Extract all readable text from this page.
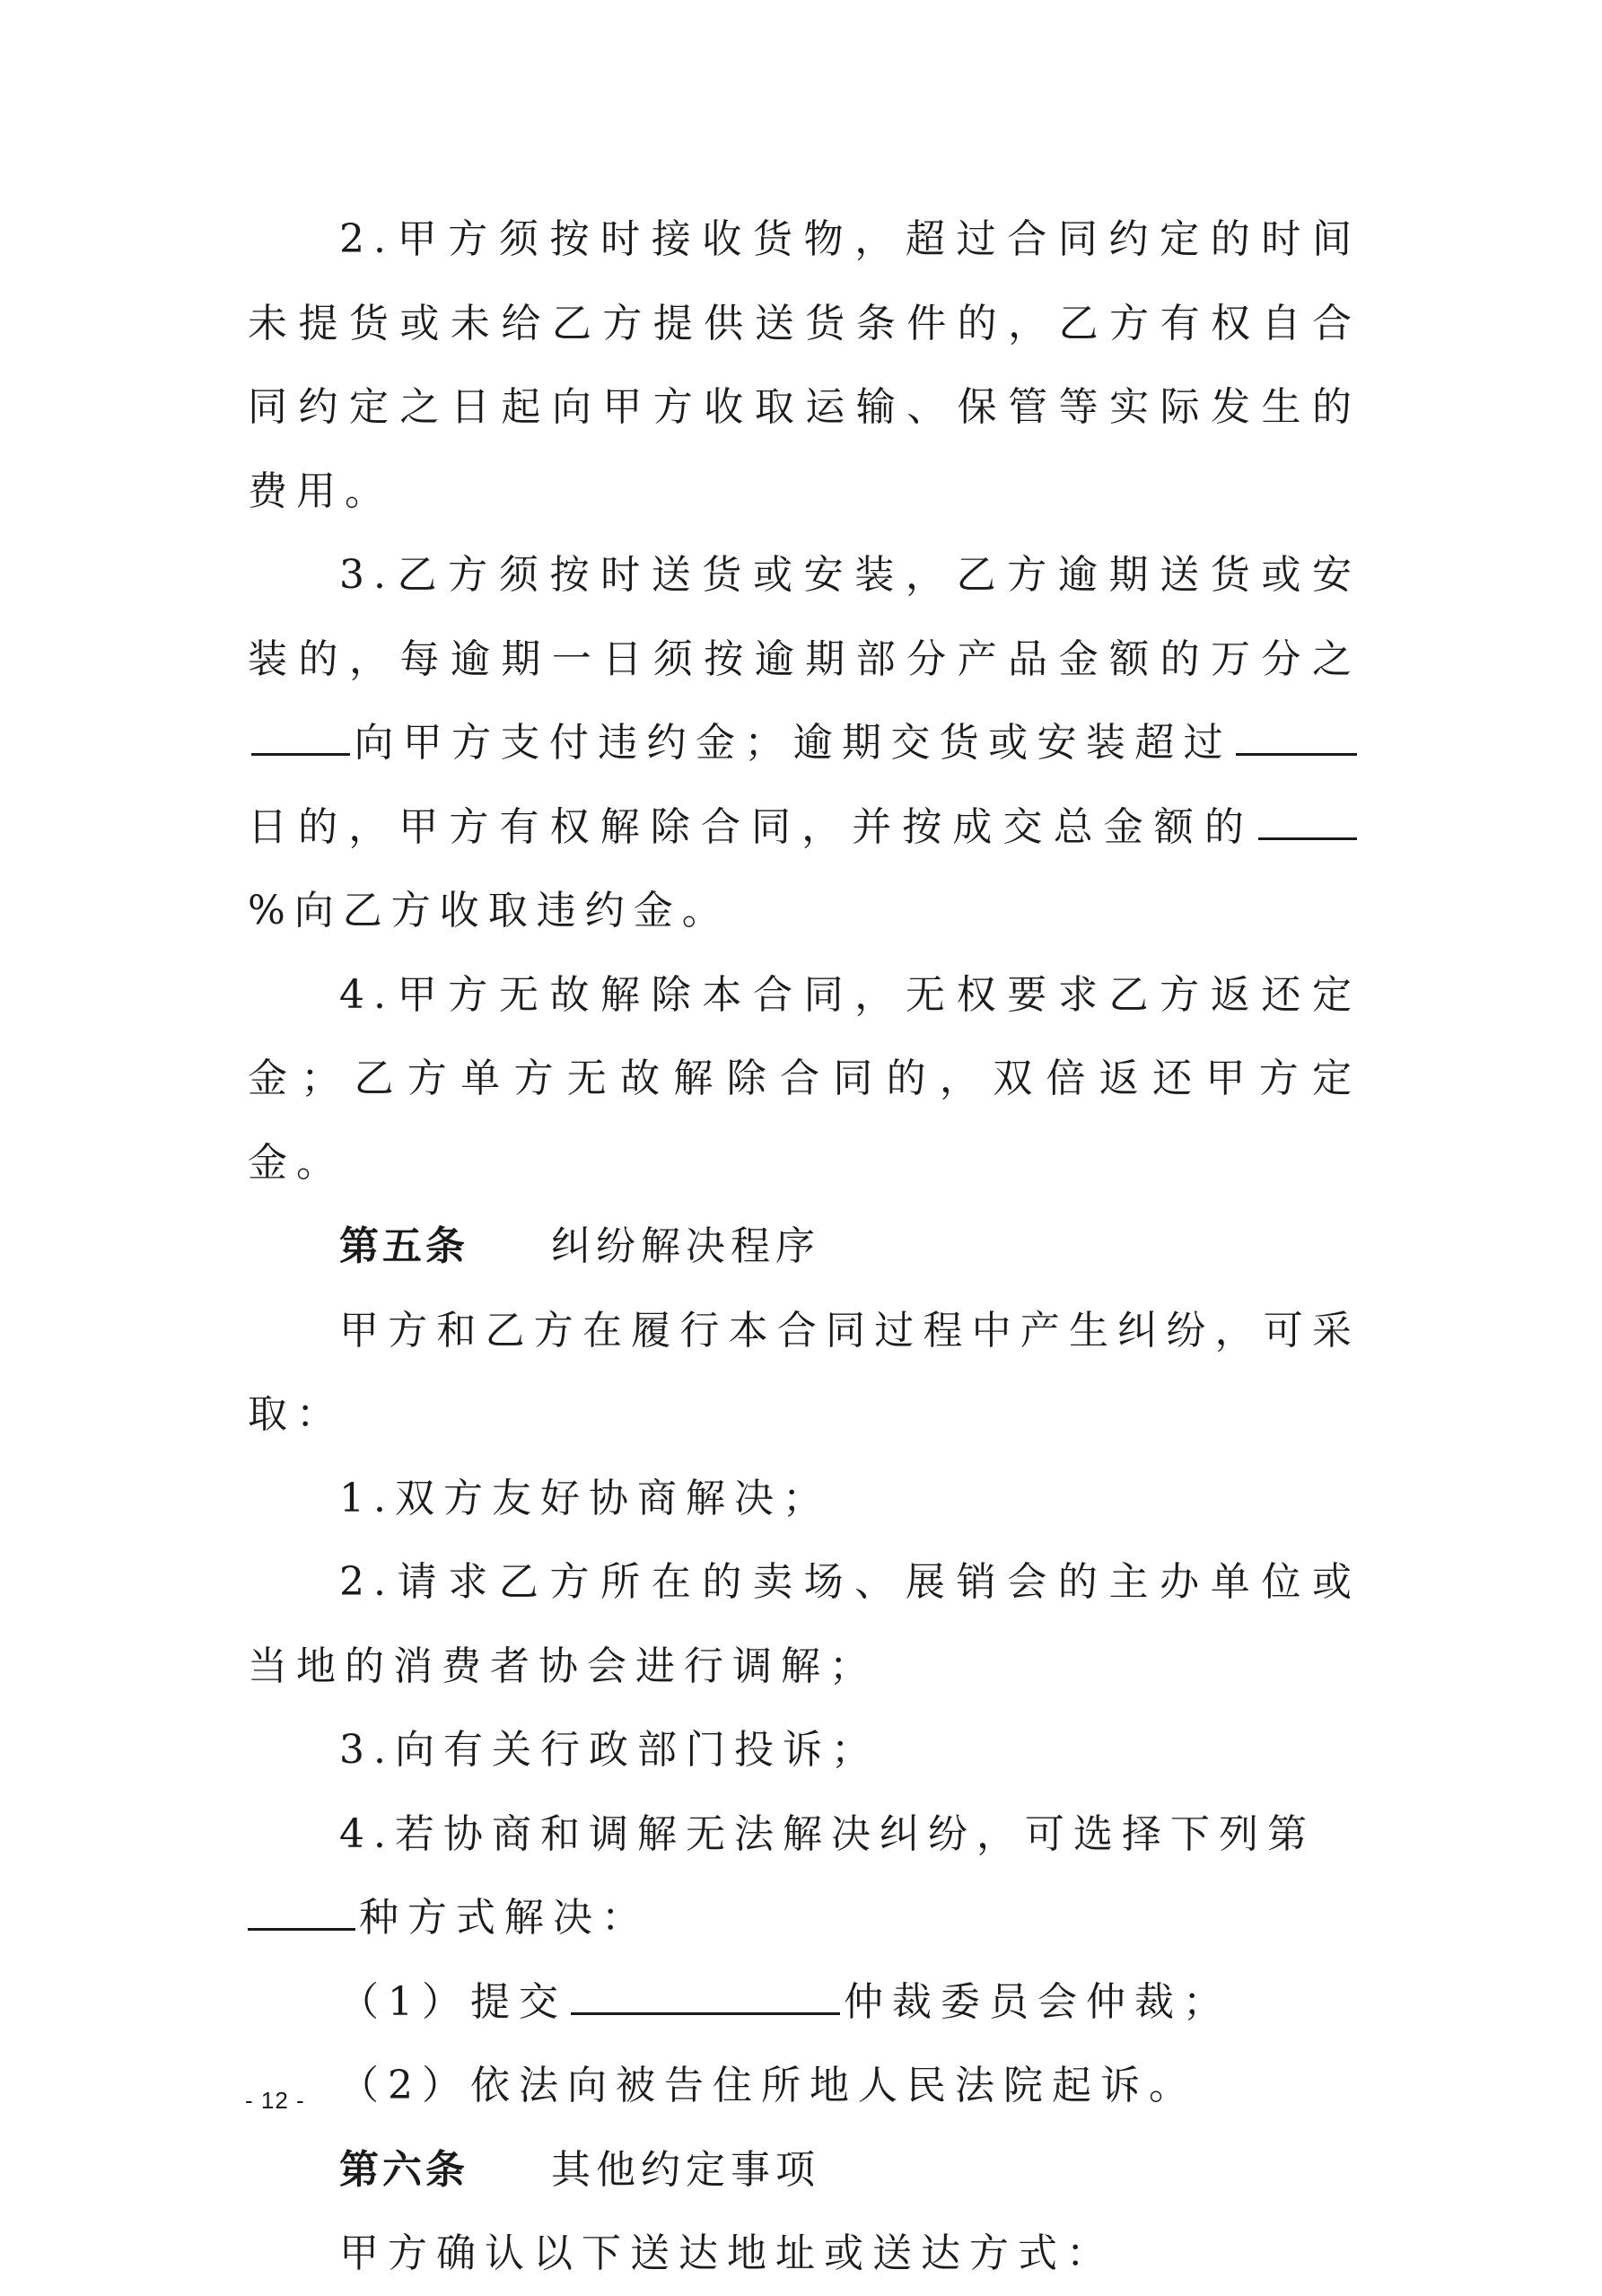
2.甲方须按时接收货物，超过合同约定的时间未提货或未给乙方提供送货条件的，乙方有权自合同约定之日起向甲方收取运输、保管等实际发生的费用。

3.乙方须按时送货或安装，乙方逾期送货或安装的，每逾期一日须按逾期部分产品金额的万分之向甲方支付违约金；逾期交货或安装超过日的，甲方有权解除合同，并按成交总金额的%向乙方收取违约金。

4.甲方无故解除本合同，无权要求乙方返还定金；乙方单方无故解除合同的，双倍返还甲方定金。

第五条 纠纷解决程序

甲方和乙方在履行本合同过程中产生纠纷，可采取：

1.双方友好协商解决；

2.请求乙方所在的卖场、展销会的主办单位或当地的消费者协会进行调解；

3.向有关行政部门投诉；

4.若协商和调解无法解决纠纷，可选择下列第

种方式解决：

（1）提交	仲裁委员会仲裁；

（2）依法向被告住所地人民法院起诉。

第六条 其他约定事项

甲方确认以下送达地址或送达方式：

- 12 -
